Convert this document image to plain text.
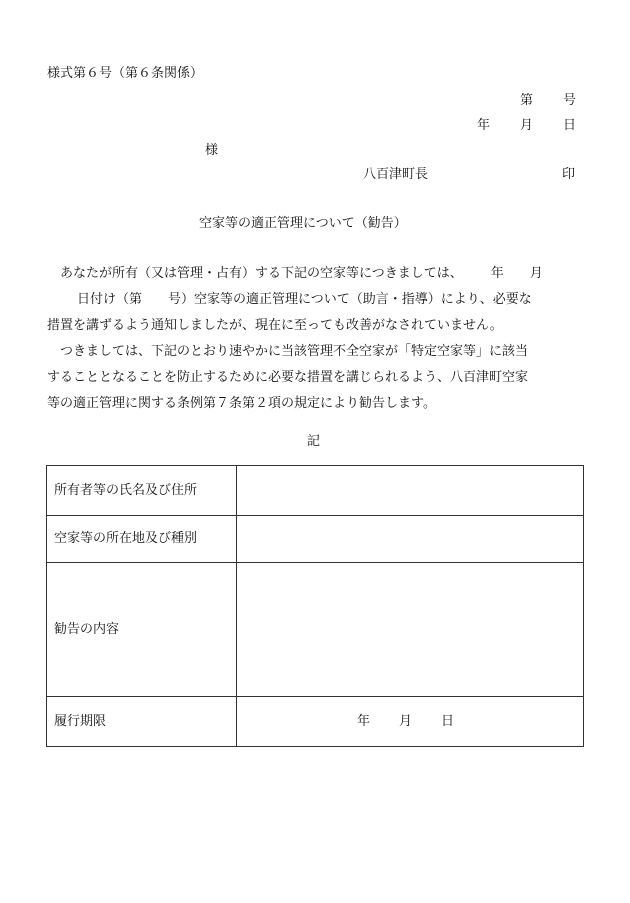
様式第６号（第６条関係）
第 号
年 月 日
様
八百津町長	印
空家等の適正管理について（勧告）

あなたが所有（又は管理・占有）する下記の空家等につきましては、 年 月

日付け（第 号）空家等の適正管理について（助言・指導）により、必要な

措置を講ずるよう通知しましたが、現在に至っても改善がなされていません。

つきましては、下記のとおり速やかに当該管理不全空家が「特定空家等」に該当

することとなることを防止するために必要な措置を講じられるよう、八百津町空家

等の適正管理に関する条例第７条第２項の規定により勧告します。

記
所有者等の氏名及び住所	
空家等の所在地及び種別	
勧告の内容	
履行期限	年 月 日
